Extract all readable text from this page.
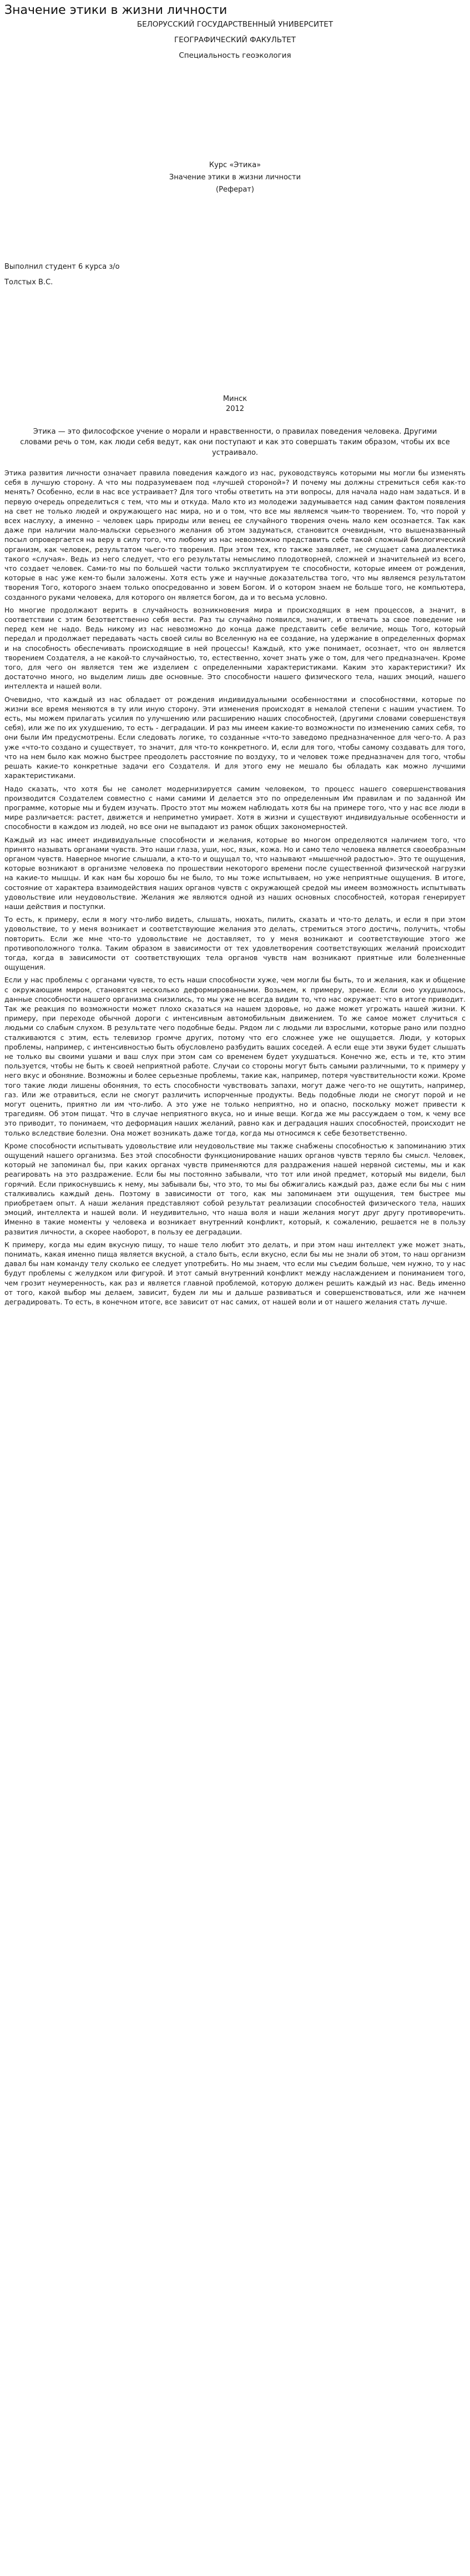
Значение этики в жизни личности

БЕЛОРУССКИЙ ГОСУДАРСТВЕННЫЙ УНИВЕРСИТЕТ

ГЕОГРАФИЧЕСКИЙ ФАКУЛЬТЕТ

Специальность геоэкология

Курс «Этика»

Значение этики в жизни личности

(Реферат)

Выполнил студент 6 курса з/о

Толстых В.С.

Минск

2012

Этика — это философское учение о морали и нравственности, о правилах поведения человека. Другими словами речь о том, как люди себя ведут, как они поступают и как это совершать таким образом, чтобы их все устраивало.

Этика развития личности означает правила поведения каждого из нас, руководствуясь которыми мы могли бы изменять себя в лучшую сторону. А что мы подразумеваем под «лучшей стороной»? И почему мы должны стремиться себя как-то менять? Особенно, если в нас все устраивает? Для того чтобы ответить на эти вопросы, для начала надо нам задаться. И в первую очередь определиться с тем, что мы и откуда. Мало кто из молодежи задумывается над самим фактом появления на свет не только людей и окружающего нас мира, но и о том, что все мы являемся чьим-то творением. То, что порой у всех наслуху, а именно – человек царь природы или венец ее случайного творения очень мало кем осознается. Так как даже при наличии мало-мальски серьезного желания об этом задуматься, становится очевидным, что вышеназванный посыл опровергается на веру в силу того, что любому из нас невозможно представить себе такой сложный биологический организм, как человек, результатом чьего-то творения. При этом тех, кто также заявляет, не смущает сама диалектика такого «случая». Ведь из него следует, что его результаты немыслимо плодотворней, сложней и значительней из всего, что создает человек. Сами-то мы по большей части только эксплуатируем те способности, которые имеем от рождения, которые в нас уже кем-то были заложены. Хотя есть уже и научные доказательства того, что мы являемся результатом творения Того, которого знаем только опосредованно и зовем Богом. И о котором знаем не больше того, не компьютера, созданного руками человека, для которого он является богом, да и то весьма условно.

Но многие продолжают верить в случайность возникновения мира и происходящих в нем процессов, а значит, в соответствии с этим безответственно себя вести. Раз ты случайно появился, значит, и отвечать за свое поведение ни перед кем не надо. Ведь никому из нас невозможно до конца даже представить себе величие, мощь Того, который передал и продолжает передавать часть своей силы во Вселенную на ее создание, на удержание в определенных формах и на способность обеспечивать происходящие в ней процессы! Каждый, кто уже понимает, осознает, что он является творением Создателя, а не какой-то случайностью, то, естественно, хочет знать уже о том, для чего предназначен. Кроме того, для чего он является тем же изделием с определенными характеристиками. Каким это характеристики? Их достаточно много, но выделим лишь две основные. Это способности нашего физического тела, наших эмоций, нашего интеллекта и нашей воли.

Очевидно, что каждый из нас обладает от рождения индивидуальными особенностями и способностями, которые по жизни все время меняются в ту или иную сторону. Эти изменения происходят в немалой степени с нашим участием. То есть, мы можем прилагать усилия по улучшению или расширению наших способностей, (другими словами совершенствуя себя), или же по их ухудшению, то есть - деградации. И раз мы имеем какие-то возможности по изменению самих себя, то они были Им предусмотрены. Если следовать логике, то созданные «что-то заведомо предназначенное для чего-то. А раз уже «что-то создано и существует, то значит, для что-то конкретного. И, если для того, чтобы самому создавать для того, что на нем было как можно быстрее преодолеть расстояние по воздуху, то и человек тоже предназначен для того, чтобы решать какие-то конкретные задачи его Создателя. И для этого ему не мешало бы обладать как можно лучшими характеристиками.

Надо сказать, что хотя бы не самолет модернизируется самим человеком, то процесс нашего совершенствования производится Создателем совместно с нами самими И делается это по определенным Им правилам и по заданной Им программе, которые мы и будем изучать. Просто этот мы можем наблюдать хотя бы на примере того, что у нас все люди в мире различается: растет, движется и неприметно умирает. Хотя в жизни и существуют индивидуальные особенности и способности в каждом из людей, но все они не выпадают из рамок общих закономерностей.

Каждый из нас имеет индивидуальные способности и желания, которые во многом определяются наличием того, что принято называть органами чувств. Это наши глаза, уши, нос, язык, кожа. Но и само тело человека является своеобразным органом чувств. Наверное многие слышали, а кто-то и ощущал то, что называют «мышечной радостью». Это те ощущения, которые возникают в организме человека по прошествии некоторого времени после существенной физической нагрузки на какие-то мышцы. И как нам бы хорошо бы не было, то мы тоже испытываем, но уже неприятные ощущения. В итоге, состояние от характера взаимодействия наших органов чувств с окружающей средой мы имеем возможность испытывать удовольствие или неудовольствие. Желания же являются одной из наших основных способностей, которая генерирует наши действия и поступки.

То есть, к примеру, если я могу что-либо видеть, слышать, нюхать, пилить, сказать и что-то делать, и если я при этом удовольствие, то у меня возникает и соответствующие желания это делать, стремиться этого достичь, получить, чтобы повторить. Если же мне что-то удовольствие не доставляет, то у меня возникают и соответствующие этого же противоположного толка. Таким образом в зависимости от тех удовлетворения соответствующих желаний происходит тогда, когда в зависимости от соответствующих тела органов чувств нам возникают приятные или болезненные ощущения.

Если у нас проблемы с органами чувств, то есть наши способности хуже, чем могли бы быть, то и желания, как и общение с окружающим миром, становятся несколько деформированными. Возьмем, к примеру, зрение. Если оно ухудшилось, данные способности нашего организма снизились, то мы уже не всегда видим то, что нас окружает: что в итоге приводит. Так же реакция по возможности может плохо сказаться на нашем здоровье, но даже может угрожать нашей жизни. К примеру, при переходе обычной дороги с интенсивным автомобильным движением. То же самое может случиться с людьми со слабым слухом. В результате чего подобные беды. Рядом ли с людьми ли взрослыми, которые рано или поздно сталкиваются с этим, есть телевизор громче других, потому что его сложнее уже не ощущается. Люди, у которых проблемы, например, с интенсивностью быть обусловлено разбудить ваших соседей. А если еще эти звуки будет слышать не только вы своими ушами и ваш слух при этом сам со временем будет ухудшаться. Конечно же, есть и те, кто этим пользуется, чтобы не быть к своей неприятной работе. Случаи со стороны могут быть самыми различными, то к примеру у него вкус и обоняние. Возможны и более серьезные проблемы, такие как, например, потеря чувствительности кожи. Кроме того такие люди лишены обоняния, то есть способности чувствовать запахи, могут даже чего-то не ощутить, например, газ. Или же отравиться, если не смогут различить испорченные продукты. Ведь подобные люди не смогут порой и не могут оценить, приятно ли им что-либо. А это уже не только неприятно, но и опасно, поскольку может привести к трагедиям. Об этом пищат. Что в случае неприятного вкуса, но и иные вещи. Когда же мы рассуждаем о том, к чему все это приводит, то понимаем, что деформация наших желаний, равно как и деградация наших способностей, происходит не только вследствие болезни. Она может возникать даже тогда, когда мы относимся к себе безответственно.

Кроме способности испытывать удовольствие или неудовольствие мы также снабжены способностью к запоминанию этих ощущений нашего организма. Без этой способности функционирование наших органов чувств теряло бы смысл. Человек, который не запоминал бы, при каких органах чувств применяются для раздражения нашей нервной системы, мы и как реагировать на это раздражение. Если бы мы постоянно забывали, что тот или иной предмет, который мы видели, был горячий. Если прикоснувшись к нему, мы забывали бы, что это, то мы бы обжигались каждый раз, даже если бы мы с ним сталкивались каждый день. Поэтому в зависимости от того, как мы запоминаем эти ощущения, тем быстрее мы приобретаем опыт. А наши желания представляют собой результат реализации способностей физического тела, наших эмоций, интеллекта и нашей воли. И неудивительно, что наша воля и наши желания могут друг другу противоречить. Именно в такие моменты у человека и возникает внутренний конфликт, который, к сожалению, решается не в пользу развития личности, а скорее наоборот, в пользу ее деградации.

К примеру, когда мы едим вкусную пищу, то наше тело любит это делать, и при этом наш интеллект уже может знать, понимать, какая именно пища является вкусной, а стало быть, если вкусно, если бы мы не знали об этом, то наш организм давал бы нам команду телу сколько ее следует употребить. Но мы знаем, что если мы съедим больше, чем нужно, то у нас будут проблемы с желудком или фигурой. И этот самый внутренний конфликт между наслаждением и пониманием того, чем грозит неумеренность, как раз и является главной проблемой, которую должен решить каждый из нас. Ведь именно от того, какой выбор мы делаем, зависит, будем ли мы и дальше развиваться и совершенствоваться, или же начнем деградировать. То есть, в конечном итоге, все зависит от нас самих, от нашей воли и от нашего желания стать лучше.
